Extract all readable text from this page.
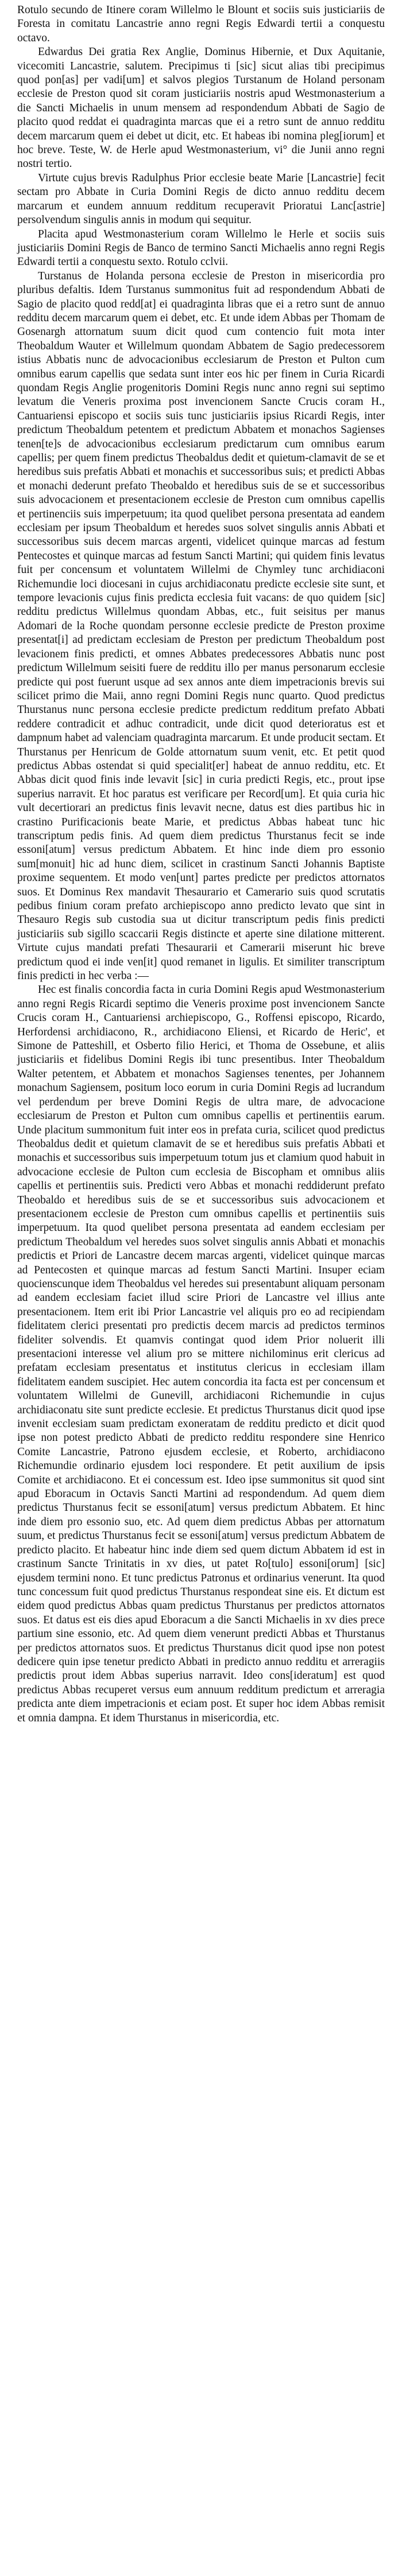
Rotulo secundo de Itinere coram Willelmo le Blount et sociis suis justiciariis de Foresta in comitatu Lancastrie anno regni Regis Edwardi tertii a conquestu octavo.

Edwardus Dei gratia Rex Anglie, Dominus Hibernie, et Dux Aquitanie, vicecomiti Lancastrie, salutem. Precipimus ti [sic] sicut alias tibi precipimus quod pon[as] per vadi[um] et salvos plegios Turstanum de Holand personam ecclesie de Preston quod sit coram justiciariis nostris apud Westmonasterium a die Sancti Michaelis in unum mensem ad respondendum Abbati de Sagio de placito quod reddat ei quadraginta marcas que ei a retro sunt de annuo redditu decem marcarum quem ei debet ut dicit, etc. Et habeas ibi nomina pleg[iorum] et hoc breve. Teste, W. de Herle apud Westmonasterium, vi° die Junii anno regni nostri tertio.

Virtute cujus brevis Radulphus Prior ecclesie beate Marie [Lancastrie] fecit sectam pro Abbate in Curia Domini Regis de dicto annuo redditu decem marcarum et eundem annuum redditum recuperavit Prioratui Lanc[astrie] persolvendum singulis annis in modum qui sequitur.

Placita apud Westmonasterium coram Willelmo le Herle et sociis suis justiciariis Domini Regis de Banco de termino Sancti Michaelis anno regni Regis Edwardi tertii a conquestu sexto. Rotulo cclvii.

Turstanus de Holanda persona ecclesie de Preston in misericordia pro pluribus defaltis. Idem Turstanus summonitus fuit ad respondendum Abbati de Sagio de placito quod redd[at] ei quadraginta libras que ei a retro sunt de annuo redditu decem marcarum quem ei debet, etc. Et unde idem Abbas per Thomam de Gosenargh attornatum suum dicit quod cum contencio fuit mota inter Theobaldum Wauter et Willelmum quondam Abbatem de Sagio predecessorem istius Abbatis nunc de advocacionibus ecclesiarum de Preston et Pulton cum omnibus earum capellis que sedata sunt inter eos hic per finem in Curia Ricardi quondam Regis Anglie progenitoris Domini Regis nunc anno regni sui septimo levatum die Veneris proxima post invencionem Sancte Crucis coram H., Cantuariensi episcopo et sociis suis tunc justiciariis ipsius Ricardi Regis, inter predictum Theobaldum petentem et predictum Abbatem et monachos Sagienses tenen[te]s de advocacionibus ecclesiarum predictarum cum omnibus earum capellis; per quem finem predictus Theobaldus dedit et quietum-clamavit de se et heredibus suis prefatis Abbati et monachis et successoribus suis; et predicti Abbas et monachi dederunt prefato Theobaldo et heredibus suis de se et successoribus suis advocacionem et presentacionem ecclesie de Preston cum omnibus capellis et pertinenciis suis imperpetuum; ita quod quelibet persona presentata ad eandem ecclesiam per ipsum Theobaldum et heredes suos solvet singulis annis Abbati et successoribus suis decem marcas argenti, videlicet quinque marcas ad festum Pentecostes et quinque marcas ad festum Sancti Martini; qui quidem finis levatus fuit per concensum et voluntatem Willelmi de Chymley tunc archidiaconi Richemundie loci diocesani in cujus archidiaconatu predicte ecclesie site sunt, et tempore levacionis cujus finis predicta ecclesia fuit vacans: de quo quidem [sic] redditu predictus Willelmus quondam Abbas, etc., fuit seisitus per manus Adomari de la Roche quondam personne ecclesie predicte de Preston proxime presentat[i] ad predictam ecclesiam de Preston per predictum Theobaldum post levacionem finis predicti, et omnes Abbates predecessores Abbatis nunc post predictum Willelmum seisiti fuere de redditu illo per manus personarum ecclesie predicte qui post fuerunt usque ad sex annos ante diem impetracionis brevis sui scilicet primo die Maii, anno regni Domini Regis nunc quarto. Quod predictus Thurstanus nunc persona ecclesie predicte predictum redditum prefato Abbati reddere contradicit et adhuc contradicit, unde dicit quod deterioratus est et dampnum habet ad valenciam quadraginta marcarum. Et unde producit sectam. Et Thurstanus per Henricum de Golde attornatum suum venit, etc. Et petit quod predictus Abbas ostendat si quid specialit[er] habeat de annuo redditu, etc. Et Abbas dicit quod finis inde levavit [sic] in curia predicti Regis, etc., prout ipse superius narravit. Et hoc paratus est verificare per Record[um]. Et quia curia hic vult decertiorari an predictus finis levavit necne, datus est dies partibus hic in crastino Purificacionis beate Marie, et predictus Abbas habeat tunc hic transcriptum pedis finis. Ad quem diem predictus Thurstanus fecit se inde essoni[atum] versus predictum Abbatem. Et hinc inde diem pro essonio sum[monuit] hic ad hunc diem, scilicet in crastinum Sancti Johannis Baptiste proxime sequentem. Et modo ven[unt] partes predicte per predictos attornatos suos. Et Dominus Rex mandavit Thesaurario et Camerario suis quod scrutatis pedibus finium coram prefato archiepiscopo anno predicto levato que sint in Thesauro Regis sub custodia sua ut dicitur transcriptum pedis finis predicti justiciariis sub sigillo scaccarii Regis distincte et aperte sine dilatione mitterent. Virtute cujus mandati prefati Thesaurarii et Camerarii miserunt hic breve predictum quod ei inde ven[it] quod remanet in ligulis. Et similiter transcriptum finis predicti in hec verba :—

Hec est finalis concordia facta in curia Domini Regis apud Westmonasterium anno regni Regis Ricardi septimo die Veneris proxime post invencionem Sancte Crucis coram H., Cantuariensi archiepiscopo, G., Roffensi episcopo, Ricardo, Herfordensi archidiacono, R., archidiacono Eliensi, et Ricardo de Heric', et Simone de Patteshill, et Osberto filio Herici, et Thoma de Ossebune, et aliis justiciariis et fidelibus Domini Regis ibi tunc presentibus. Inter Theobaldum Walter petentem, et Abbatem et monachos Sagienses tenentes, per Johannem monachum Sagiensem, positum loco eorum in curia Domini Regis ad lucrandum vel perdendum per breve Domini Regis de ultra mare, de advocacione ecclesiarum de Preston et Pulton cum omnibus capellis et pertinentiis earum. Unde placitum summonitum fuit inter eos in prefata curia, scilicet quod predictus Theobaldus dedit et quietum clamavit de se et heredibus suis prefatis Abbati et monachis et successoribus suis imperpetuum totum jus et clamium quod habuit in advocacione ecclesie de Pulton cum ecclesia de Biscopham et omnibus aliis capellis et pertinentiis suis. Predicti vero Abbas et monachi reddiderunt prefato Theobaldo et heredibus suis de se et successoribus suis advocacionem et presentacionem ecclesie de Preston cum omnibus capellis et pertinentiis suis imperpetuum. Ita quod quelibet persona presentata ad eandem ecclesiam per predictum Theobaldum vel heredes suos solvet singulis annis Abbati et monachis predictis et Priori de Lancastre decem marcas argenti, videlicet quinque marcas ad Pentecosten et quinque marcas ad festum Sancti Martini. Insuper eciam quocienscunque idem Theobaldus vel heredes sui presentabunt aliquam personam ad eandem ecclesiam faciet illud scire Priori de Lancastre vel illius ante presentacionem. Item erit ibi Prior Lancastrie vel aliquis pro eo ad recipiendam fidelitatem clerici presentati pro predictis decem marcis ad predictos terminos fideliter solvendis. Et quamvis contingat quod idem Prior noluerit illi presentacioni interesse vel alium pro se mittere nichilominus erit clericus ad prefatam ecclesiam presentatus et institutus clericus in ecclesiam illam fidelitatem eandem suscipiet. Hec autem concordia ita facta est per concensum et voluntatem Willelmi de Gunevill, archidiaconi Richemundie in cujus archidiaconatu site sunt predicte ecclesie. Et predictus Thurstanus dicit quod ipse invenit ecclesiam suam predictam exoneratam de redditu predicto et dicit quod ipse non potest predicto Abbati de predicto redditu respondere sine Henrico Comite Lancastrie, Patrono ejusdem ecclesie, et Roberto, archidiacono Richemundie ordinario ejusdem loci respondere. Et petit auxilium de ipsis Comite et archidiacono. Et ei concessum est. Ideo ipse summonitus sit quod sint apud Eboracum in Octavis Sancti Martini ad respondendum. Ad quem diem predictus Thurstanus fecit se essoni[atum] versus predictum Abbatem. Et hinc inde diem pro essonio suo, etc. Ad quem diem predictus Abbas per attornatum suum, et predictus Thurstanus fecit se essoni[atum] versus predictum Abbatem de predicto placito. Et habeatur hinc inde diem sed quem dictum Abbatem id est in crastinum Sancte Trinitatis in xv dies, ut patet Ro[tulo] essoni[orum] [sic] ejusdem termini nono. Et tunc predictus Patronus et ordinarius venerunt. Ita quod tunc concessum fuit quod predictus Thurstanus respondeat sine eis. Et dictum est eidem quod predictus Abbas quam predictus Thurstanus per predictos attornatos suos. Et datus est eis dies apud Eboracum a die Sancti Michaelis in xv dies prece partium sine essonio, etc. Ad quem diem venerunt predicti Abbas et Thurstanus per predictos attornatos suos. Et predictus Thurstanus dicit quod ipse non potest dedicere quin ipse tenetur predicto Abbati in predicto annuo redditu et arreragiis predictis prout idem Abbas superius narravit. Ideo cons[ideratum] est quod predictus Abbas recuperet versus eum annuum redditum predictum et arreragia predicta ante diem impetracionis et eciam post. Et super hoc idem Abbas remisit et omnia dampna. Et idem Thurstanus in misericordia, etc.
